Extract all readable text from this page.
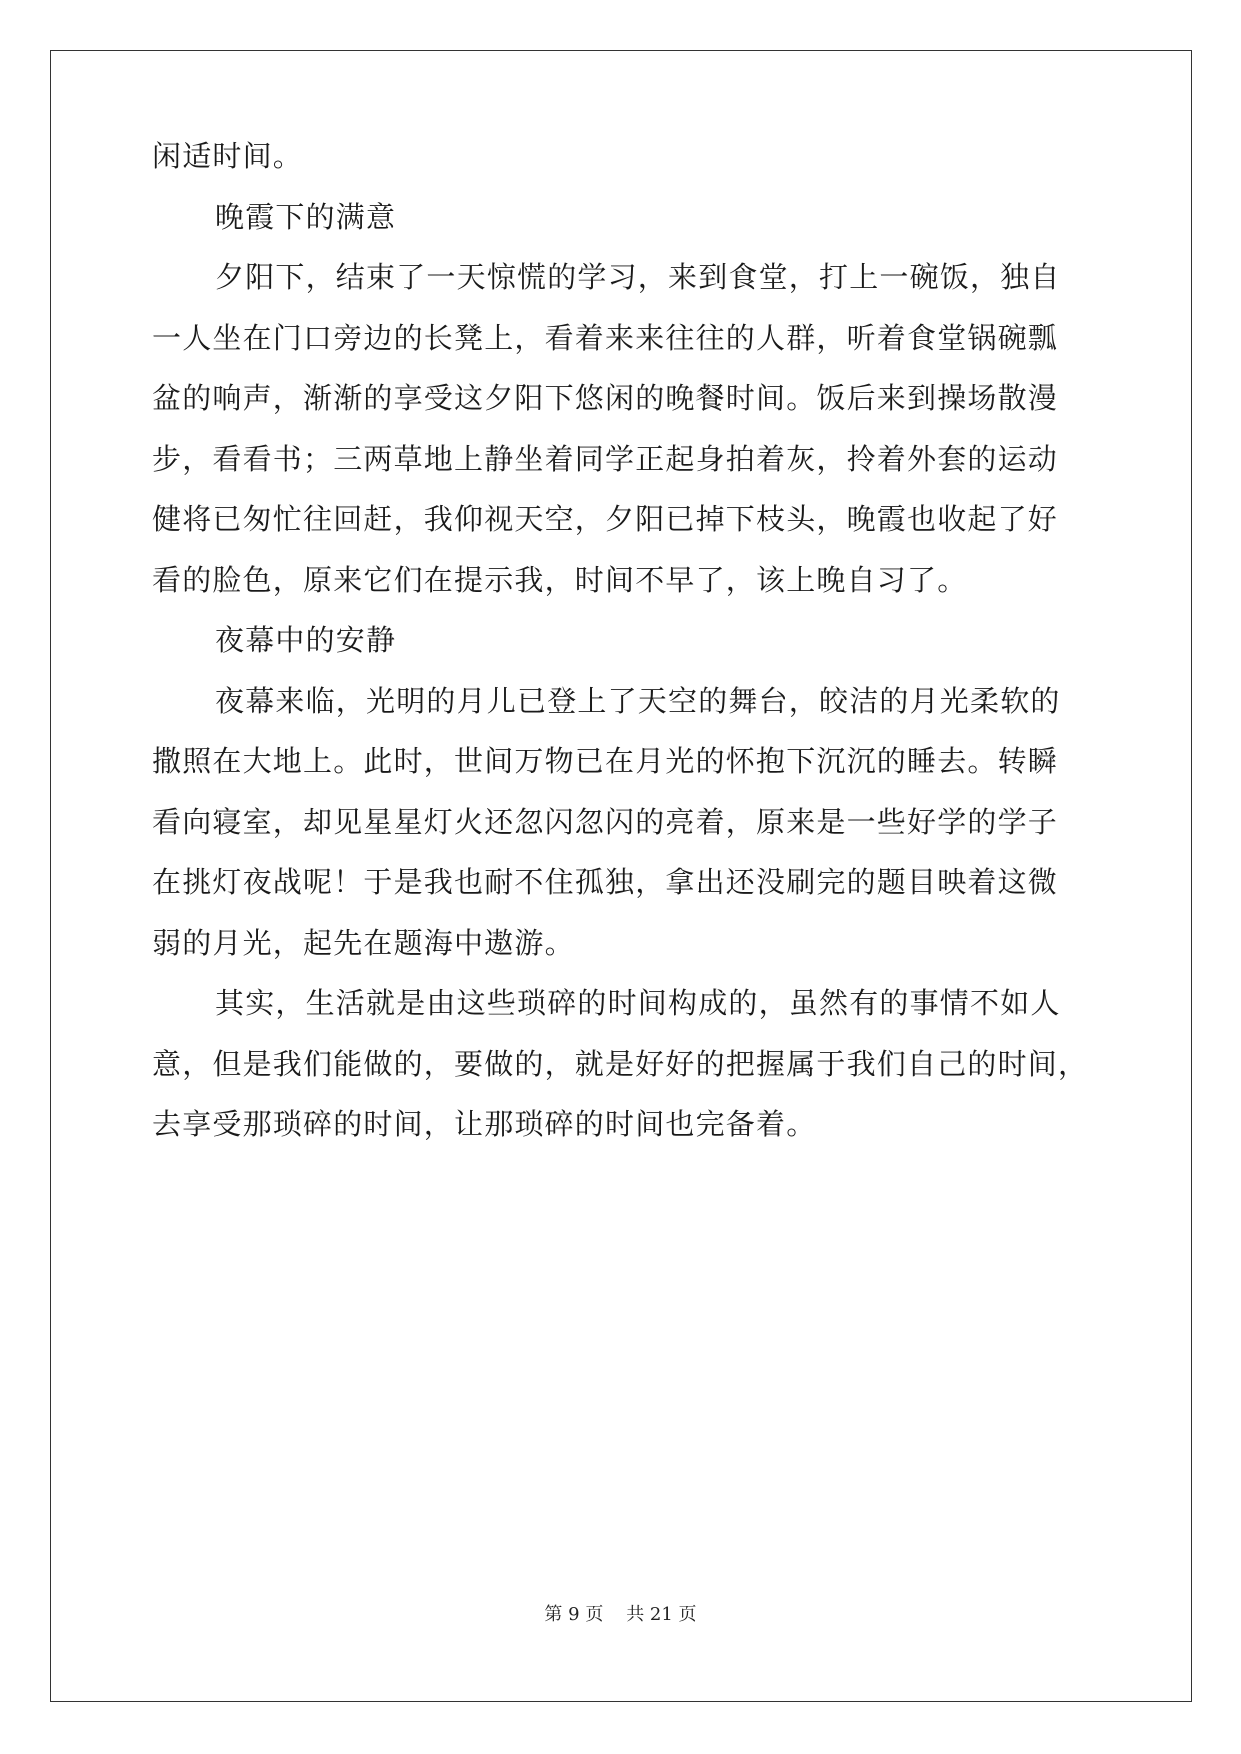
闲适时间。
晚霞下的满意
夕阳下，结束了一天惊慌的学习，来到食堂，打上一碗饭，独自
一人坐在门口旁边的长凳上，看着来来往往的人群，听着食堂锅碗瓢
盆的响声，渐渐的享受这夕阳下悠闲的晚餐时间。饭后来到操场散漫
步，看看书；三两草地上静坐着同学正起身拍着灰，拎着外套的运动
健将已匆忙往回赶，我仰视天空，夕阳已掉下枝头，晚霞也收起了好
看的脸色，原来它们在提示我，时间不早了，该上晚自习了。
夜幕中的安静
夜幕来临，光明的月儿已登上了天空的舞台，皎洁的月光柔软的
撒照在大地上。此时，世间万物已在月光的怀抱下沉沉的睡去。转瞬
看向寝室，却见星星灯火还忽闪忽闪的亮着，原来是一些好学的学子
在挑灯夜战呢！于是我也耐不住孤独，拿出还没刷完的题目映着这微
弱的月光，起先在题海中遨游。
其实，生活就是由这些琐碎的时间构成的，虽然有的事情不如人
意，但是我们能做的，要做的，就是好好的把握属于我们自己的时间，
去享受那琐碎的时间，让那琐碎的时间也完备着。
第 9 页    共 21 页
